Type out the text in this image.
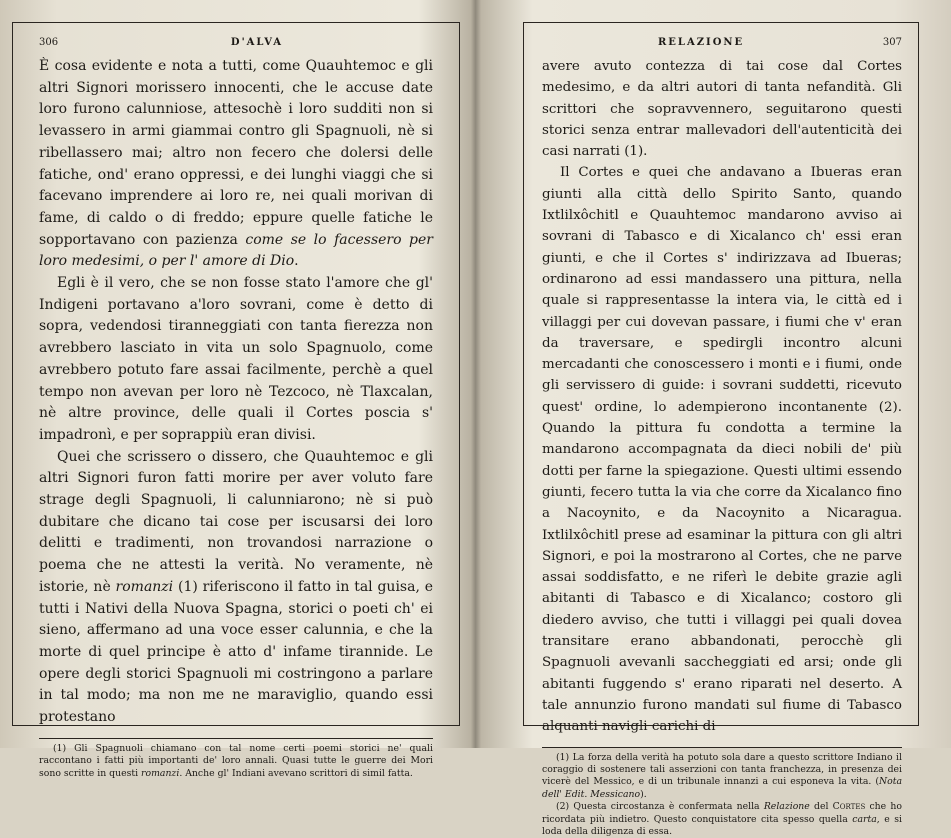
306	D'ALVA

È cosa evidente e nota a tutti, come Quauhtemoc e gli altri Signori morissero innocenti, che le accuse date loro furono calunniose, attesochè i loro sudditi non si levassero in armi giammai contro gli Spagnuoli, nè si ribellassero mai; altro non fecero che dolersi delle fatiche, ond' erano oppressi, e dei lunghi viaggi che si facevano imprendere ai loro re, nei quali morivan di fame, di caldo o di freddo; eppure quelle fatiche le sopportavano con pazienza come se lo facessero per loro medesimi, o per l' amore di Dio.

Egli è il vero, che se non fosse stato l'amore che gl' Indigeni portavano a'loro sovrani, come è detto di sopra, vedendosi tiranneggiati con tanta fierezza non avrebbero lasciato in vita un solo Spagnuolo, come avrebbero potuto fare assai facilmente, perchè a quel tempo non avevan per loro nè Tezcoco, nè Tlaxcalan, nè altre province, delle quali il Cortes poscia s' impadronì, e per soprappiù eran divisi.

Quei che scrissero o dissero, che Quauhtemoc e gli altri Signori furon fatti morire per aver voluto fare strage degli Spagnuoli, li calunniarono; nè si può dubitare che dicano tai cose per iscusarsi dei loro delitti e tradimenti, non trovandosi narrazione o poema che ne attesti la verità. No veramente, nè istorie, nè romanzi (1) riferiscono il fatto in tal guisa, e tutti i Nativi della Nuova Spagna, storici o poeti ch' ei sieno, affermano ad una voce esser calunnia, e che la morte di quel principe è atto d' infame tirannide. Le opere degli storici Spagnuoli mi costringono a parlare in tal modo; ma non me ne maraviglio, quando essi protestano

(1) Gli Spagnuoli chiamano con tal nome certi poemi storici ne' quali raccontano i fatti più importanti de' loro annali. Quasi tutte le guerre dei Mori sono scritte in questi romanzi. Anche gl' Indiani avevano scrittori di simil fatta.

RELAZIONE	307

avere avuto contezza di tai cose dal Cortes medesimo, e da altri autori di tanta nefandità. Gli scrittori che sopravvennero, seguitarono questi storici senza entrar mallevadori dell'autenticità dei casi narrati (1).

Il Cortes e quei che andavano a Ibueras eran giunti alla città dello Spirito Santo, quando Ixtlilxôchitl e Quauhtemoc mandarono avviso ai sovrani di Tabasco e di Xicalanco ch' essi eran giunti, e che il Cortes s' indirizzava ad Ibueras; ordinarono ad essi mandassero una pittura, nella quale si rappresentasse la intera via, le città ed i villaggi per cui dovevan passare, i fiumi che v' eran da traversare, e spedirgli incontro alcuni mercadanti che conoscessero i monti e i fiumi, onde gli servissero di guide: i sovrani suddetti, ricevuto quest' ordine, lo adempierono incontanente (2). Quando la pittura fu condotta a termine la mandarono accompagnata da dieci nobili de' più dotti per farne la spiegazione. Questi ultimi essendo giunti, fecero tutta la via che corre da Xicalanco fino a Nacoynito, e da Nacoynito a Nicaragua. Ixtlilxôchitl prese ad esaminar la pittura con gli altri Signori, e poi la mostrarono al Cortes, che ne parve assai soddisfatto, e ne riferì le debite grazie agli abitanti di Tabasco e di Xicalanco; costoro gli diedero avviso, che tutti i villaggi pei quali dovea transitare erano abbandonati, perocchè gli Spagnuoli avevanli saccheggiati ed arsi; onde gli abitanti fuggendo s' erano riparati nel deserto. A tale annunzio furono mandati sul fiume di Tabasco alquanti navigli carichi di

(1) La forza della verità ha potuto sola dare a questo scrittore Indiano il coraggio di sostenere tali asserzioni con tanta franchezza, in presenza dei vicerè del Messico, e di un tribunale innanzi a cui esponeva la vita. (Nota dell' Edit. Messicano).

(2) Questa circostanza è confermata nella Relazione del Cortes che ho ricordata più indietro. Questo conquistatore cita spesso quella carta, e si loda della diligenza di essa.
